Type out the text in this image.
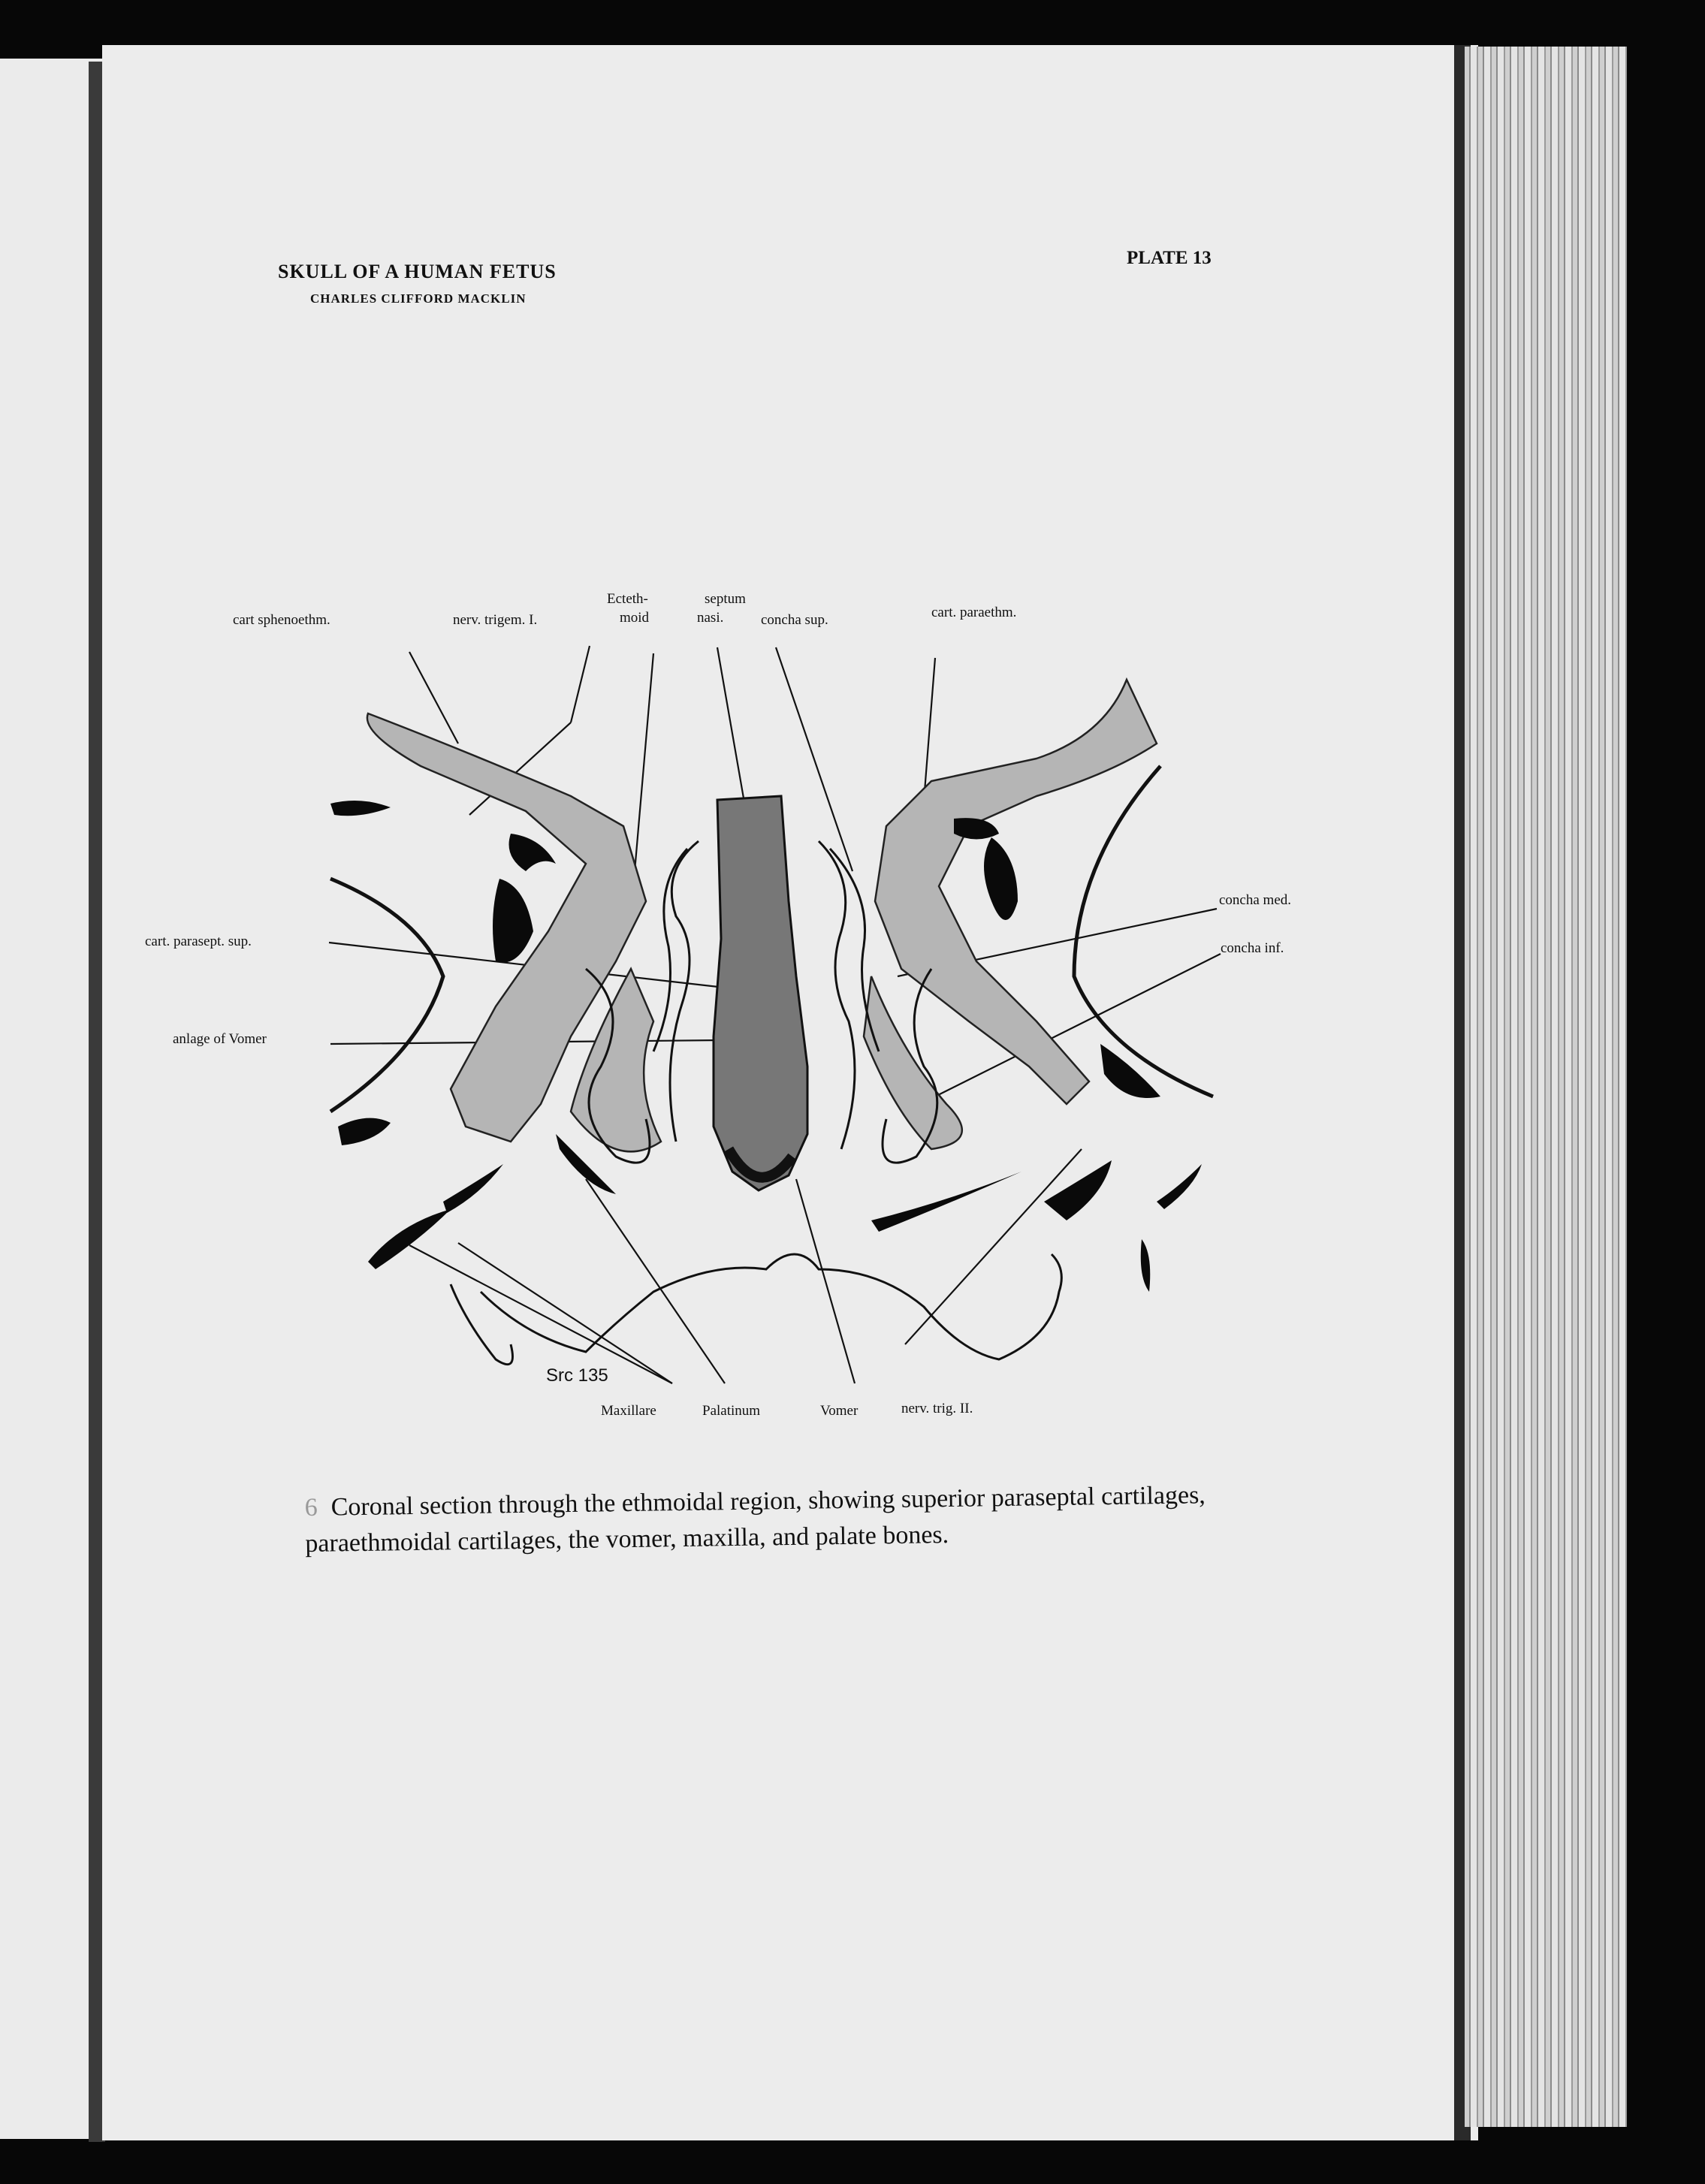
SKULL OF A HUMAN FETUS
CHARLES CLIFFORD MACKLIN
PLATE 13
cart sphenoethm.	nerv. trigem. I.
Ecteth-
moid
septum
nasi.	concha sup.	cart. paraethm.
cart. parasept. sup.
anlage of Vomer
concha med.
concha inf.
Src 135
Maxillare	Palatinum	Vomer	nerv. trig. II.
6 Coronal section through the ethmoidal region, showing superior paraseptal cartilages, paraethmoidal cartilages, the vomer, maxilla, and palate bones.
